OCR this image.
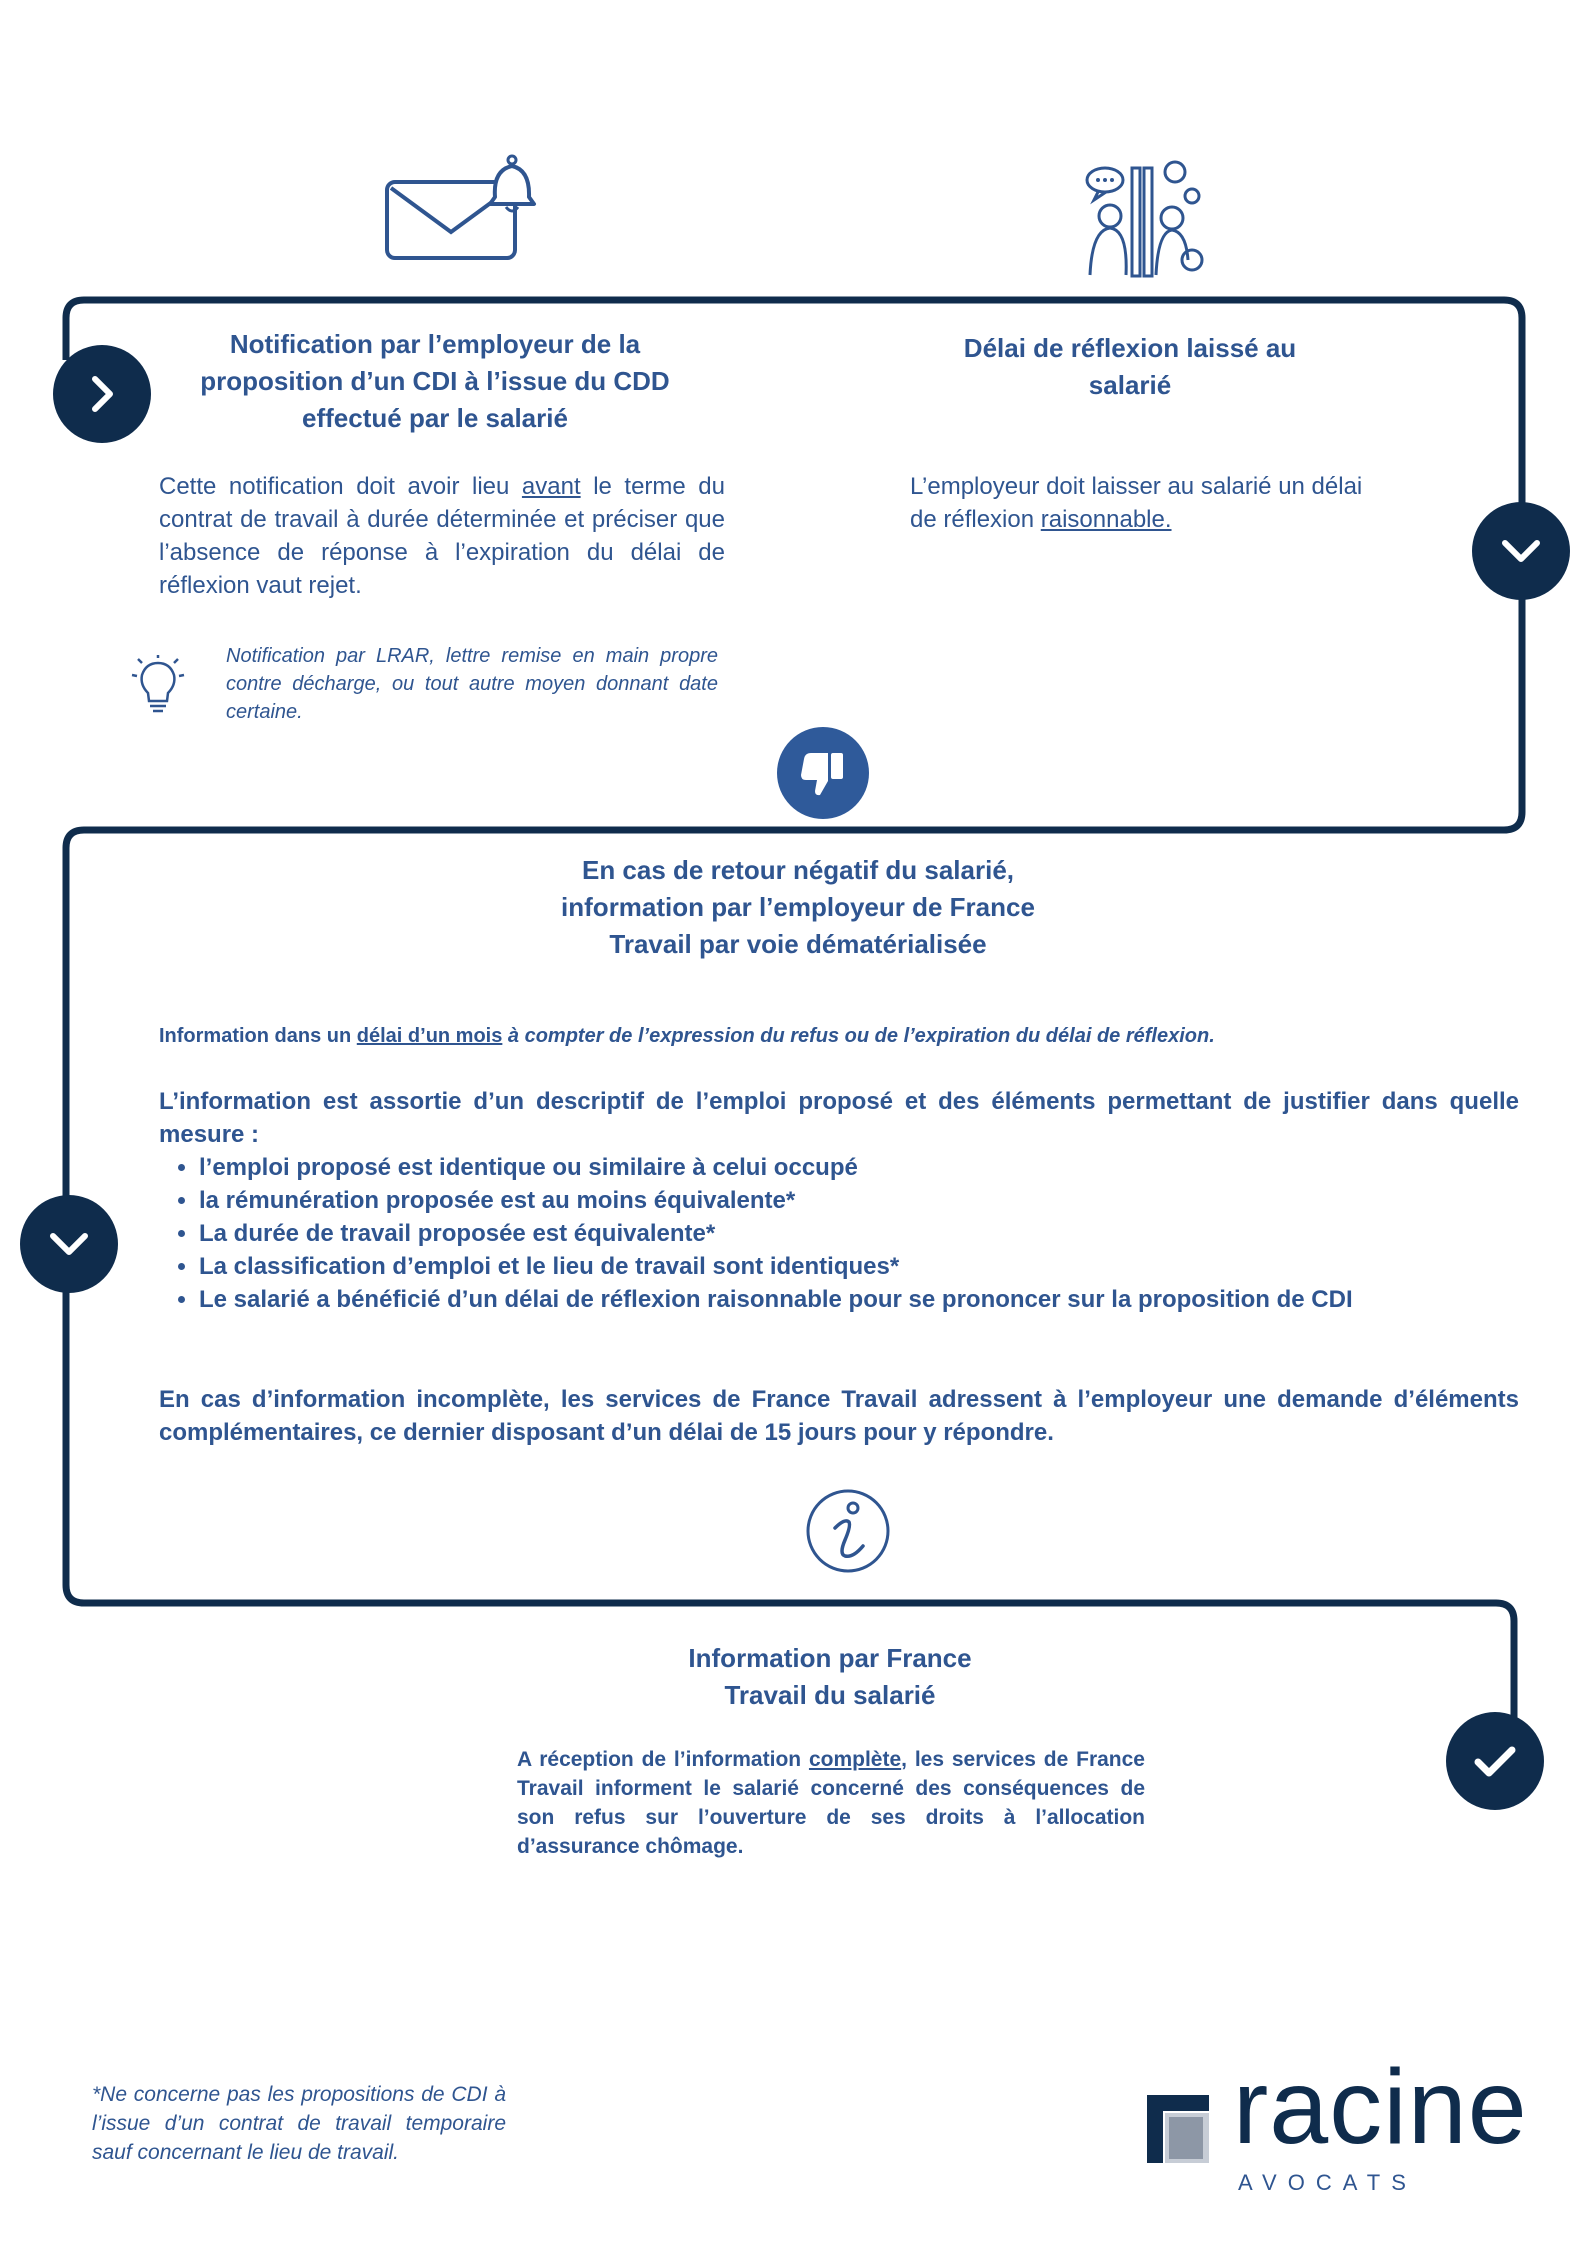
Notification par l’employeur de la proposition d’un CDI à l’issue du CDD effectué par le salarié
Cette notification doit avoir lieu avant le terme du contrat de travail à durée déterminée et préciser que l’absence de réponse à l’expiration du délai de réflexion vaut rejet.
Notification par LRAR, lettre remise en main propre contre décharge, ou tout autre moyen donnant date certaine.
Délai de réflexion laissé au salarié
L’employeur doit laisser au salarié un délai de réflexion raisonnable.
En cas de retour négatif du salarié, information par l’employeur de France Travail par voie dématérialisée
Information dans un délai d’un mois à compter de l’expression du refus ou de l’expiration du délai de réflexion.
L’information est assortie d’un descriptif de l’emploi proposé et des éléments permettant de justifier dans quelle mesure :
• l’emploi proposé est identique ou similaire à celui occupé
• la rémunération proposée est au moins équivalente*
• La durée de travail proposée est équivalente*
• La classification d’emploi et le lieu de travail sont identiques*
• Le salarié a bénéficié d’un délai de réflexion raisonnable pour se prononcer sur la proposition de CDI
En cas d’information incomplète, les services de France Travail adressent à l’employeur une demande d’éléments complémentaires, ce dernier disposant d’un délai de 15 jours pour y répondre.
Information par France Travail du salarié
A réception de l’information complète, les services de France Travail informent le salarié concerné des conséquences de son refus sur l’ouverture de ses droits à l’allocation d’assurance chômage.
*Ne concerne pas les propositions de CDI à l’issue d’un contrat de travail temporaire sauf concernant le lieu de travail.	racine
AVOCATS
